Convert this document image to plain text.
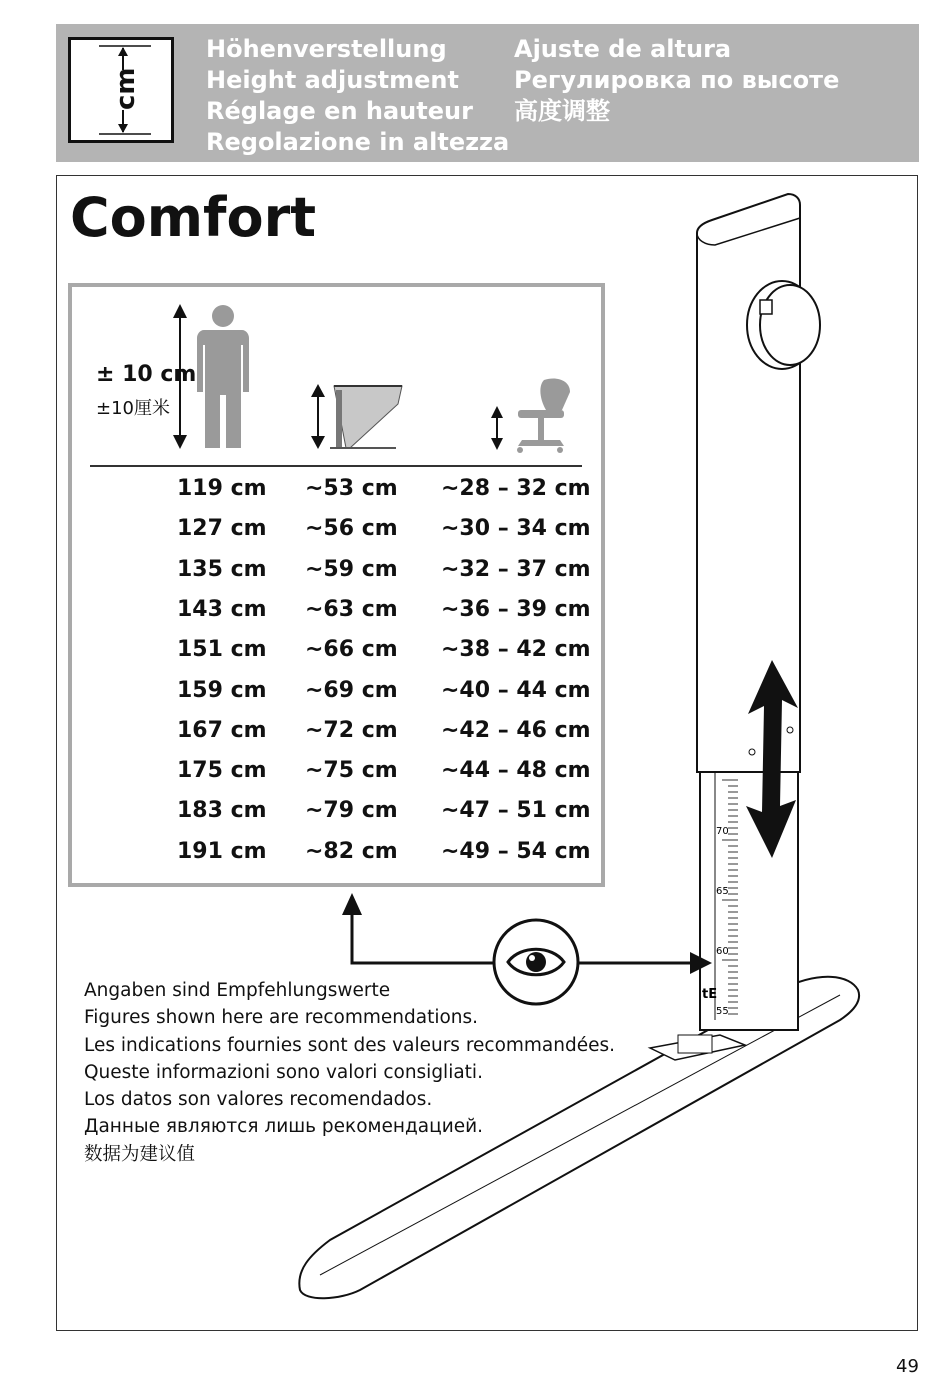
cm
Höhenverstellung
Height adjustment
Réglage en hauteur
Regolazione in altezza
Ajuste de altura
Регулировка по высоте
高度调整
70
65
60
55
tE
Comfort
± 10 cm
±10厘米
119 cm ~53 cm ~28 – 32 cm
127 cm ~56 cm ~30 – 34 cm
135 cm ~59 cm ~32 – 37 cm
143 cm ~63 cm ~36 – 39 cm
151 cm ~66 cm ~38 – 42 cm
159 cm ~69 cm ~40 – 44 cm
167 cm ~72 cm ~42 – 46 cm
175 cm ~75 cm ~44 – 48 cm
183 cm ~79 cm ~47 – 51 cm
191 cm ~82 cm ~49 – 54 cm
Angaben sind Empfehlungswerte
Figures shown here are recommendations.
Les indications fournies sont des valeurs recommandées.
Queste informazioni sono valori consigliati.
Los datos son valores recomendados.
Данные являются лишь рекомендацией.
数据为建议值
49
